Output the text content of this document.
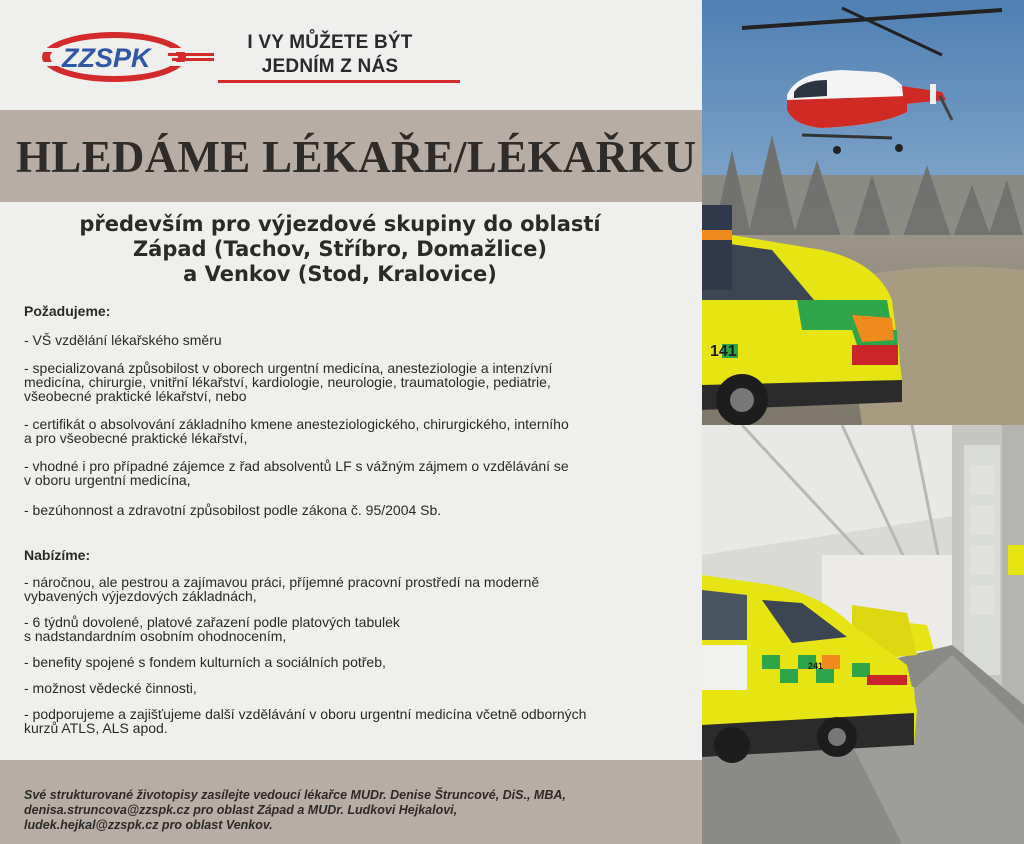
ZZSPK
I VY MŮŽETE BÝT
JEDNÍM Z NÁS
HLEDÁME LÉKAŘE/LÉKAŘKU
především pro výjezdové skupiny do oblastí
Západ (Tachov, Stříbro, Domažlice)
a Venkov (Stod, Kralovice)
Požadujeme:
- VŠ vzdělání lékařského směru
- specializovaná způsobilost v oborech urgentní medicína, anesteziologie a intenzívní
medicína, chirurgie, vnitřní lékařství, kardiologie, neurologie, traumatologie, pediatrie,
všeobecné praktické lékařství, nebo
- certifikát o absolvování základního kmene anesteziologického, chirurgického, interního
a pro všeobecné praktické lékařství,
- vhodné i pro případné zájemce z řad absolventů LF s vážným zájmem o vzdělávání se
v oboru urgentní medicína,
- bezúhonnost a zdravotní způsobilost podle zákona č. 95/2004 Sb.
Nabízíme:
- náročnou, ale pestrou a zajímavou práci, příjemné pracovní prostředí na moderně
vybavených výjezdových základnách,
- 6 týdnů dovolené, platové zařazení podle platových tabulek
s nadstandardním osobním ohodnocením,
- benefity spojené s fondem kulturních a sociálních potřeb,
- možnost vědecké činnosti,
- podporujeme a zajišťujeme další vzdělávání v oboru urgentní medicína včetně odborných
kurzů ATLS, ALS apod.
Své strukturované životopisy zasílejte vedoucí lékařce MUDr. Denise Štruncové, DiS., MBA,
denisa.struncova@zzspk.cz pro oblast Západ a MUDr. Ludkovi Hejkalovi,
ludek.hejkal@zzspk.cz pro oblast Venkov.
141
241
